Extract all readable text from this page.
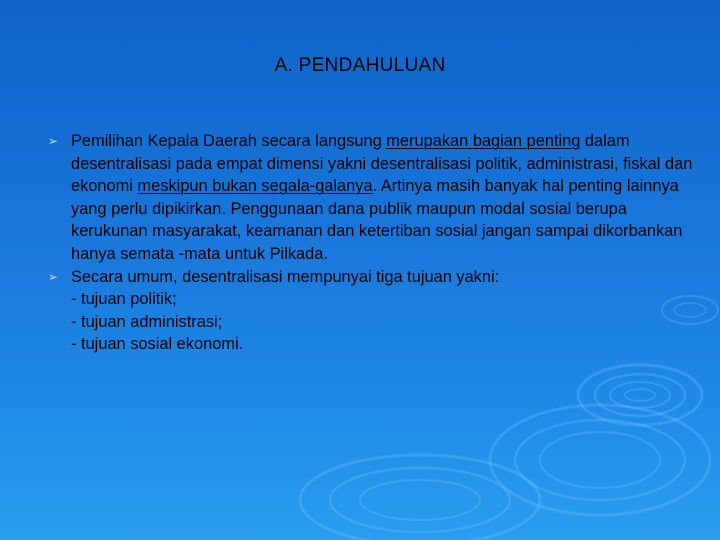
A. PENDAHULUAN
➢ Pemilihan Kepala Daerah secara langsung merupakan bagian penting dalam desentralisasi pada empat dimensi yakni desentralisasi politik, administrasi, fiskal dan ekonomi meskipun bukan segala-galanya. Artinya masih banyak hal penting lainnya yang perlu dipikirkan. Penggunaan dana publik maupun modal sosial berupa kerukunan masyarakat, keamanan dan ketertiban sosial jangan sampai dikorbankan hanya semata -mata untuk Pilkada.
➢ Secara umum, desentralisasi mempunyai tiga tujuan yakni:
- tujuan politik;
- tujuan administrasi;
- tujuan sosial ekonomi.
